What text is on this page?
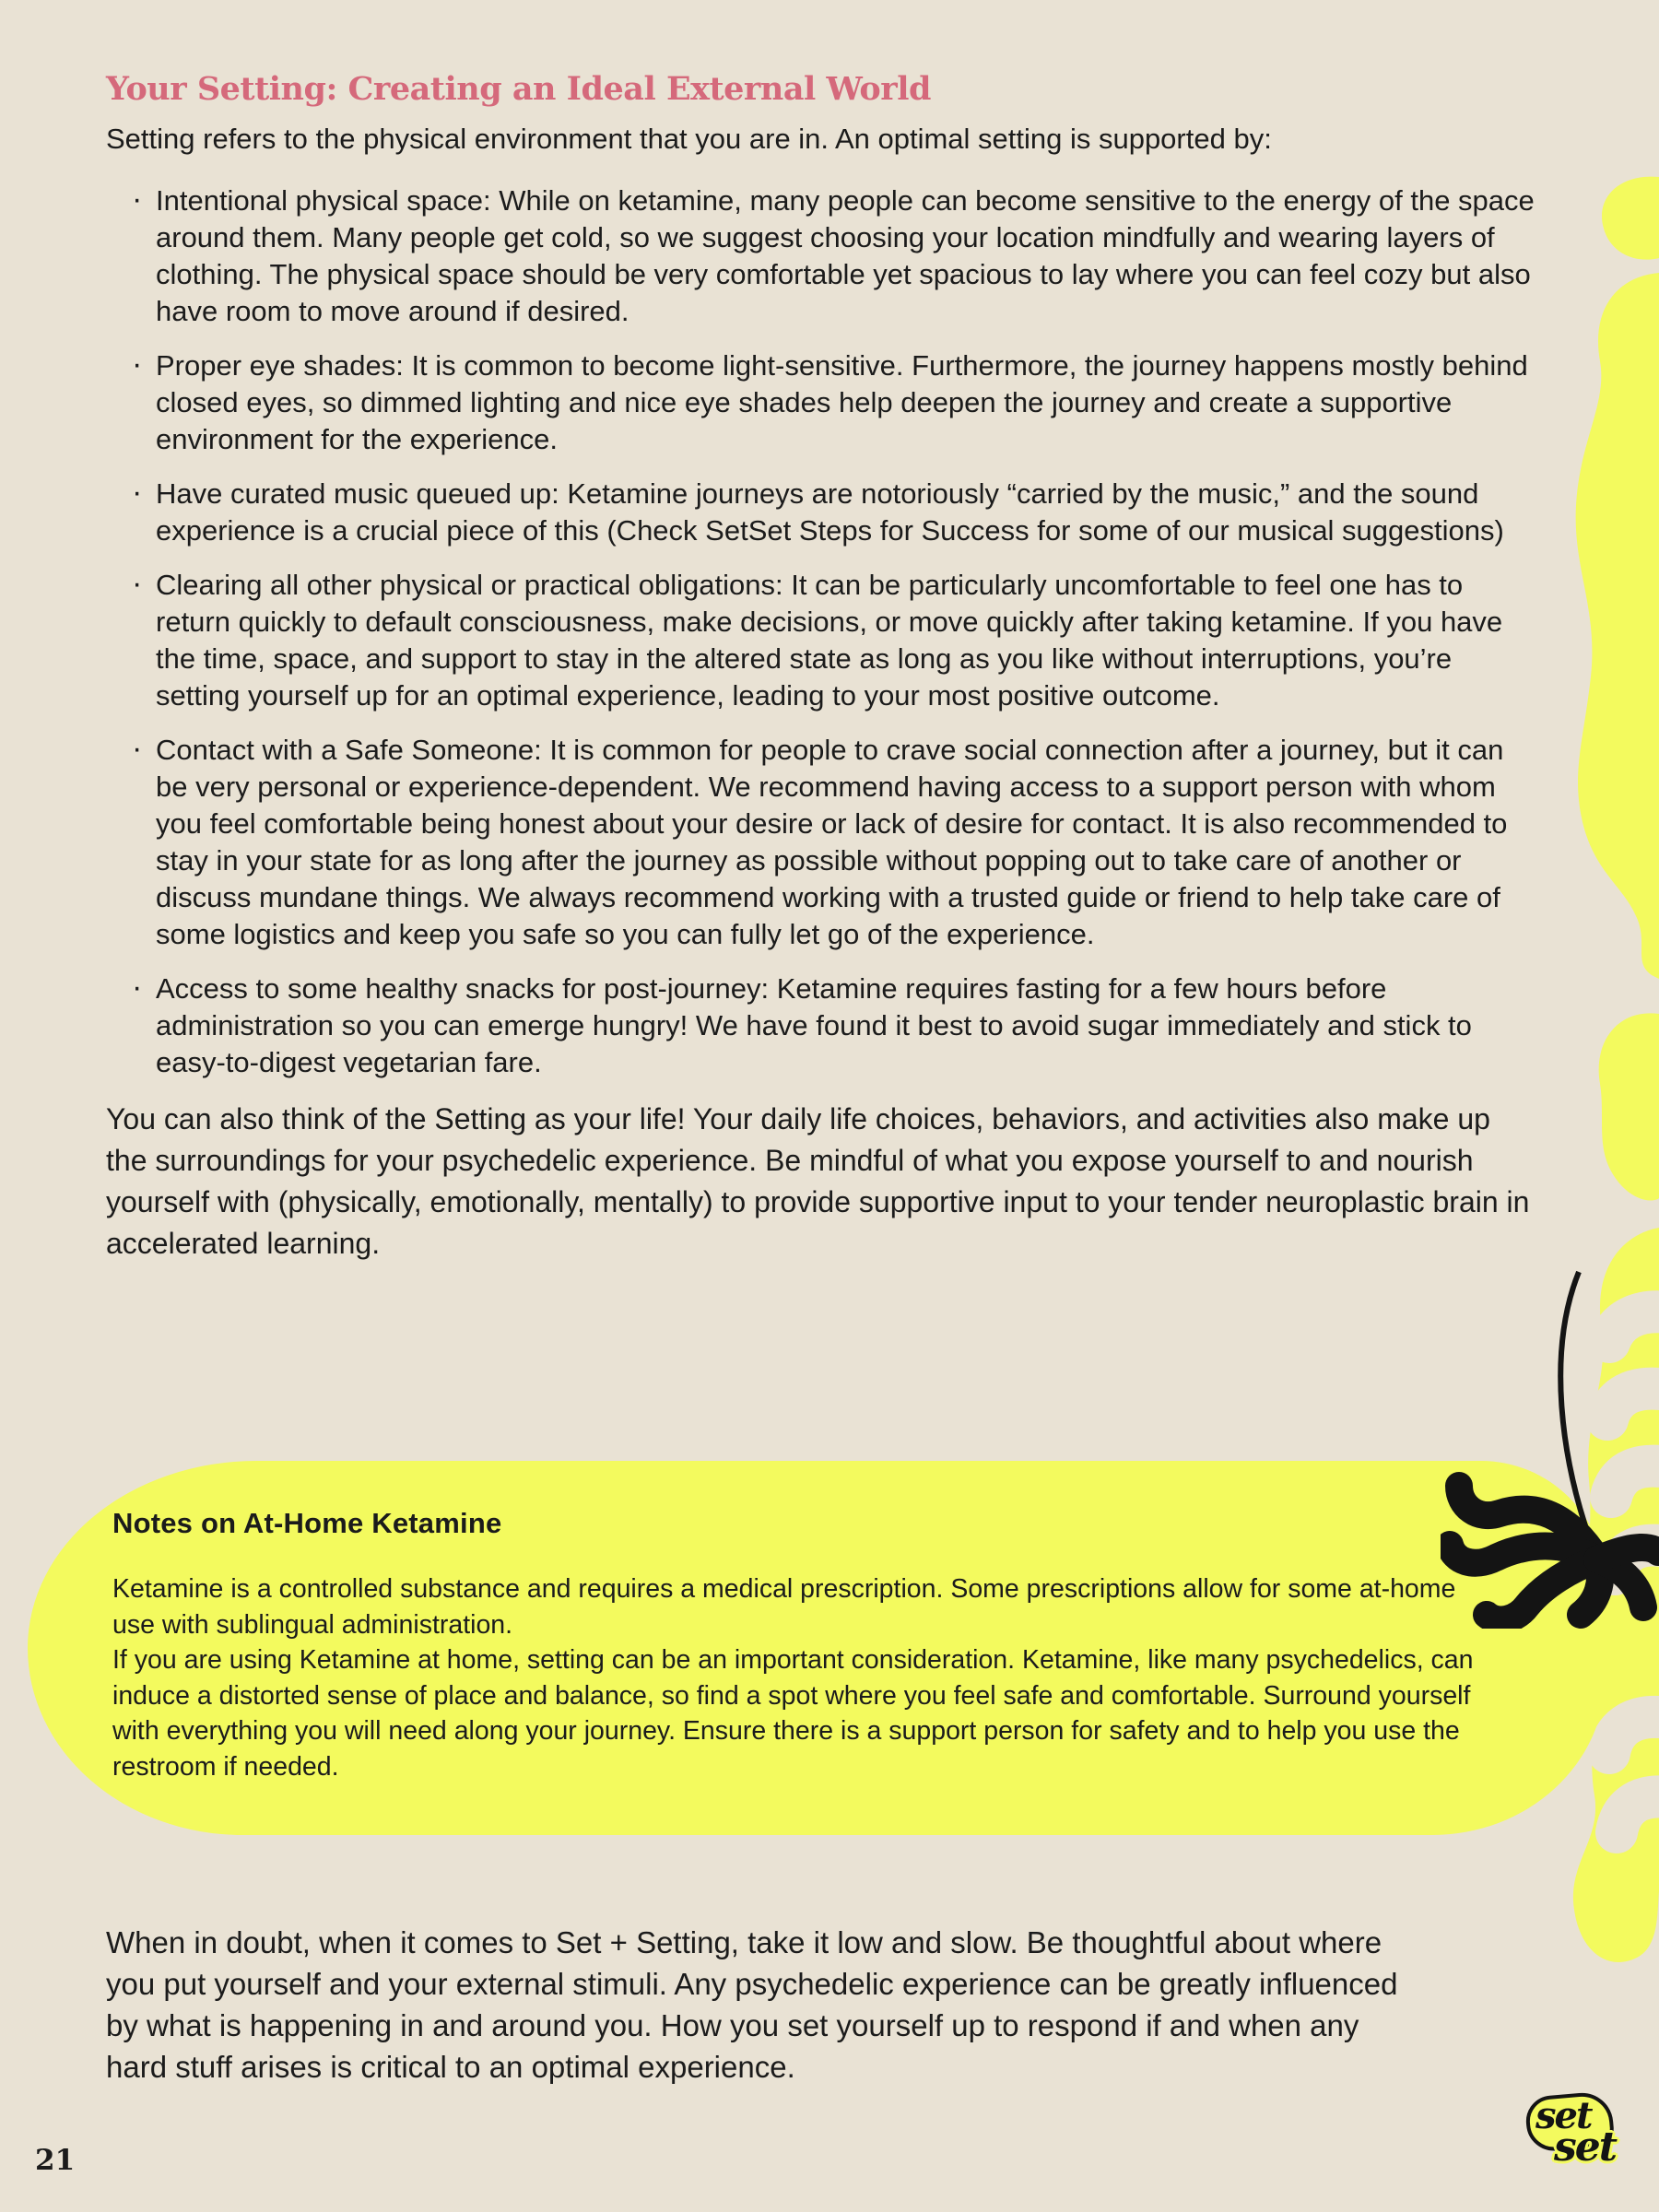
Notes on At-Home Ketamine

Ketamine is a controlled substance and requires a medical prescription. Some prescriptions allow for some at-home use with sublingual administration.

If you are using Ketamine at home, setting can be an important consideration. Ketamine, like many psychedelics, can induce a distorted sense of place and balance, so find a spot where you feel safe and comfortable. Surround yourself with everything you will need along your journey. Ensure there is a support person for safety and to help you use the restroom if needed.

Your Setting: Creating an Ideal External World

Setting refers to the physical environment that you are in. An optimal setting is supported by:

· Intentional physical space: While on ketamine, many people can become sensitive to the energy of the space around them. Many people get cold, so we suggest choosing your location mindfully and wearing layers of clothing. The physical space should be very comfortable yet spacious to lay where you can feel cozy but also have room to move around if desired.
· Proper eye shades: It is common to become light-sensitive. Furthermore, the journey happens mostly behind closed eyes, so dimmed lighting and nice eye shades help deepen the journey and create a supportive environment for the experience.
· Have curated music queued up: Ketamine journeys are notoriously “carried by the music,” and the sound experience is a crucial piece of this (Check SetSet Steps for Success for some of our musical suggestions)
· Clearing all other physical or practical obligations: It can be particularly uncomfortable to feel one has to return quickly to default consciousness, make decisions, or move quickly after taking ketamine. If you have the time, space, and support to stay in the altered state as long as you like without interruptions, you’re setting yourself up for an optimal experience, leading to your most positive outcome.
· Contact with a Safe Someone: It is common for people to crave social connection after a journey, but it can be very personal or experience-dependent. We recommend having access to a support person with whom you feel comfortable being honest about your desire or lack of desire for contact. It is also recommended to stay in your state for as long after the journey as possible without popping out to take care of another or discuss mundane things. We always recommend working with a trusted guide or friend to help take care of some logistics and keep you safe so you can fully let go of the experience.
· Access to some healthy snacks for post-journey: Ketamine requires fasting for a few hours before administration so you can emerge hungry! We have found it best to avoid sugar immediately and stick to easy-to-digest vegetarian fare.

You can also think of the Setting as your life! Your daily life choices, behaviors, and activities also make up the surroundings for your psychedelic experience. Be mindful of what you expose yourself to and nourish yourself with (physically, emotionally, mentally) to provide supportive input to your tender neuroplastic brain in accelerated learning.

When in doubt, when it comes to Set + Setting, take it low and slow. Be thoughtful about where you put yourself and your external stimuli. Any psychedelic experience can be greatly influenced by what is happening in and around you. How you set yourself up to respond if and when any hard stuff arises is critical to an optimal experience.

21
set
set
